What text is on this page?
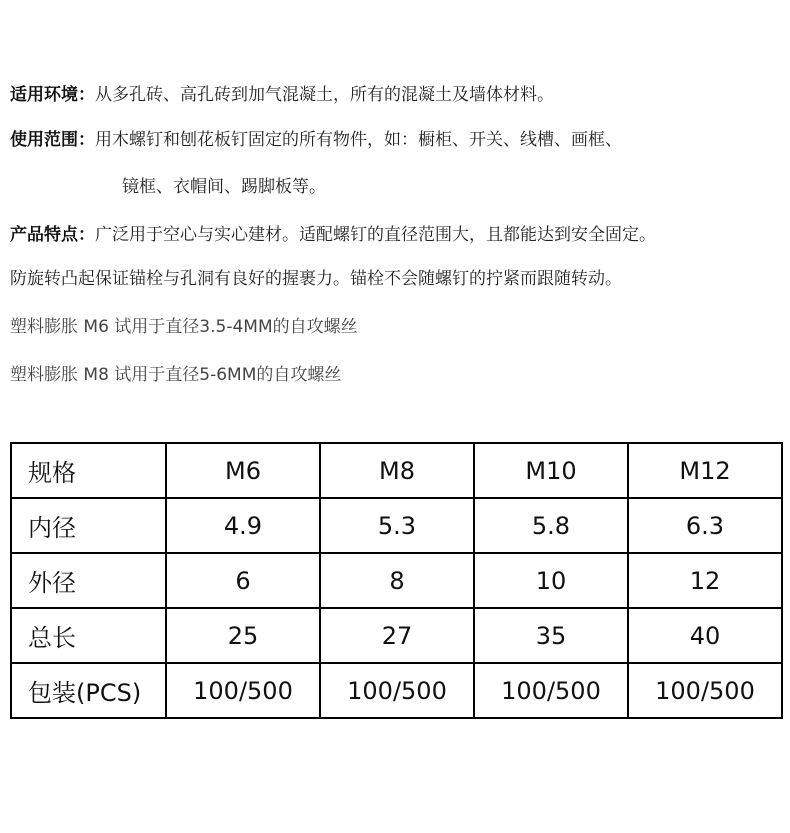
适用环境：从多孔砖、高孔砖到加气混凝土，所有的混凝土及墙体材料。
使用范围：用木螺钉和刨花板钉固定的所有物件，如：橱柜、开关、线槽、画框、
镜框、衣帽间、踢脚板等。
产品特点：广泛用于空心与实心建材。适配螺钉的直径范围大，且都能达到安全固定。
防旋转凸起保证锚栓与孔洞有良好的握裹力。锚栓不会随螺钉的拧紧而跟随转动。
塑料膨胀 M6 试用于直径3.5-4MM的自攻螺丝
塑料膨胀 M8 试用于直径5-6MM的自攻螺丝
规格	M6	M8	M10	M12
内径	4.9	5.3	5.8	6.3
外径	6	8	10	12
总长	25	27	35	40
包装(PCS)	100/500	100/500	100/500	100/500
